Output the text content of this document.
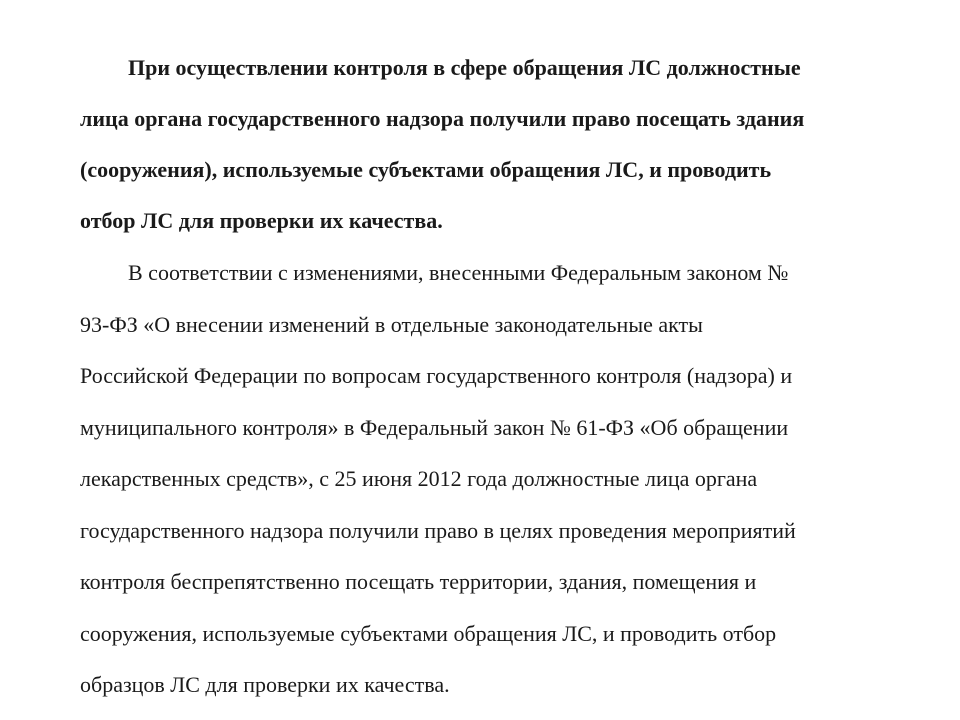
При осуществлении контроля в сфере обращения ЛС должностные
лица органа государственного надзора получили право посещать здания
(сооружения), используемые субъектами обращения ЛС, и проводить
отбор ЛС для проверки их качества.
В соответствии с изменениями, внесенными Федеральным законом №
93-ФЗ «О внесении изменений в отдельные законодательные акты
Российской Федерации по вопросам государственного контроля (надзора) и
муниципального контроля» в Федеральный закон № 61-ФЗ «Об обращении
лекарственных средств», с 25 июня 2012 года должностные лица органа
государственного надзора получили право в целях проведения мероприятий
контроля беспрепятственно посещать территории, здания, помещения и
сооружения, используемые субъектами обращения ЛС, и проводить отбор
образцов ЛС для проверки их качества.
